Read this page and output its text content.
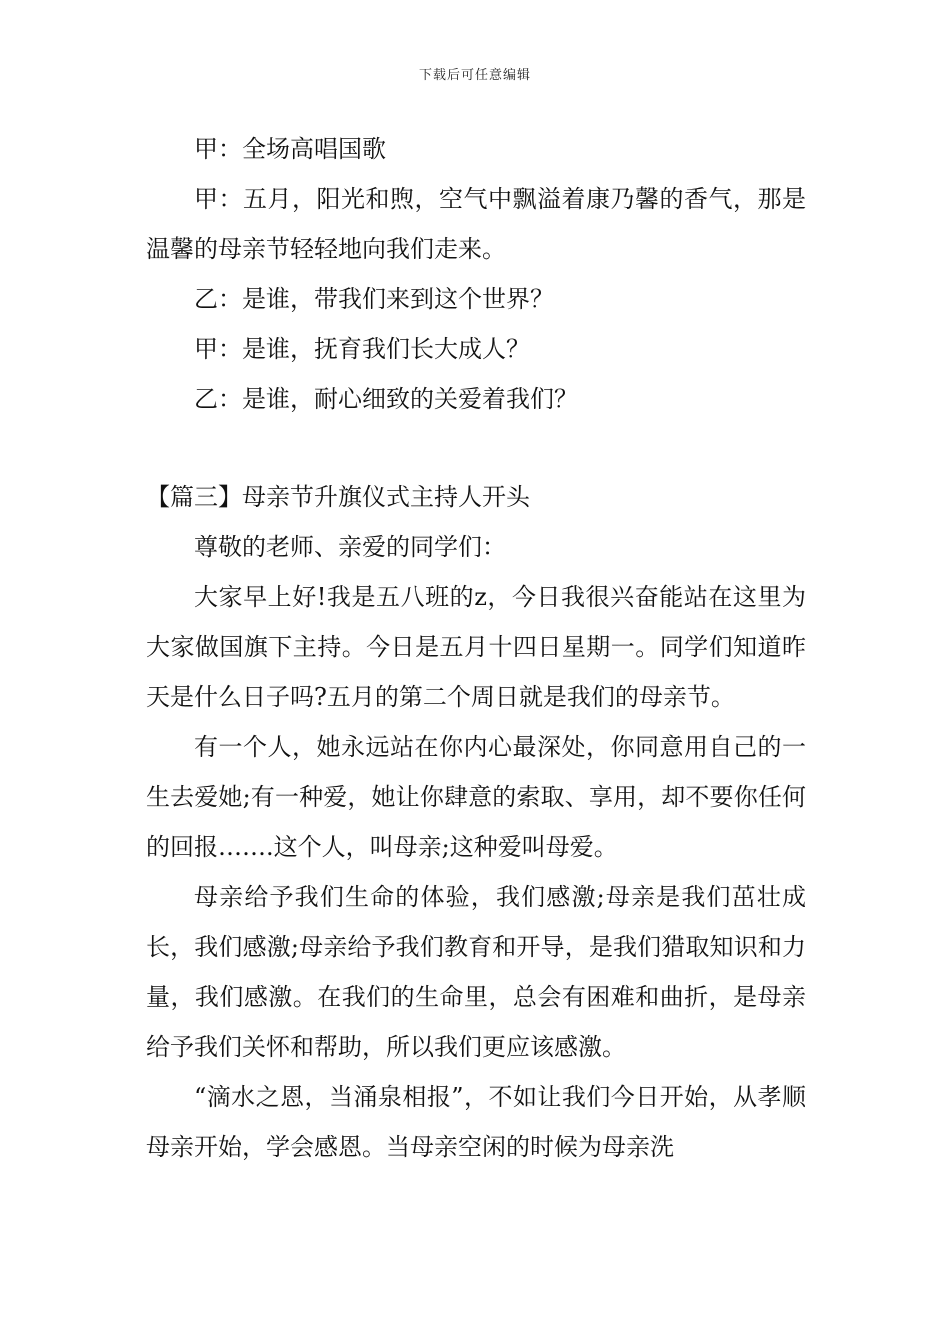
下载后可任意编辑

甲：全场高唱国歌

甲：五月，阳光和煦，空气中飘溢着康乃馨的香气，那是温馨的母亲节轻轻地向我们走来。

乙：是谁，带我们来到这个世界？

甲：是谁，抚育我们长大成人？

乙：是谁，耐心细致的关爱着我们？

【篇三】母亲节升旗仪式主持人开头

尊敬的老师、亲爱的同学们：

大家早上好!我是五八班的z，今日我很兴奋能站在这里为大家做国旗下主持。今日是五月十四日星期一。同学们知道昨天是什么日子吗?五月的第二个周日就是我们的母亲节。

有一个人，她永远站在你内心最深处，你同意用自己的一生去爱她;有一种爱，她让你肆意的索取、享用，却不要你任何的回报…….这个人，叫母亲;这种爱叫母爱。

母亲给予我们生命的体验，我们感激;母亲是我们茁壮成长，我们感激;母亲给予我们教育和开导，是我们猎取知识和力量，我们感激。在我们的生命里，总会有困难和曲折，是母亲给予我们关怀和帮助，所以我们更应该感激。

“滴水之恩，当涌泉相报”，不如让我们今日开始，从孝顺母亲开始，学会感恩。当母亲空闲的时候为母亲洗
